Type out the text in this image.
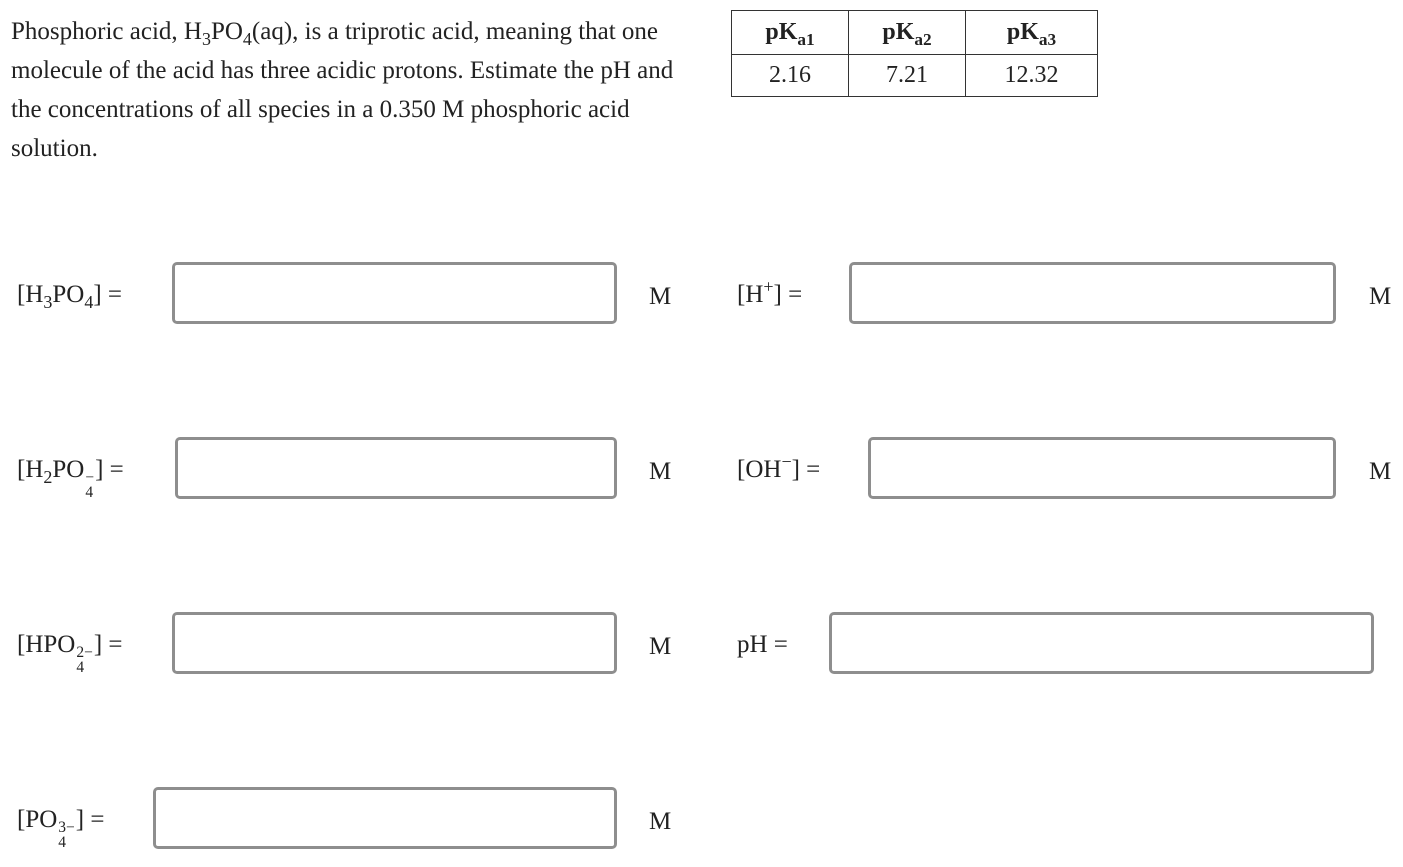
Phosphoric acid, $H_3PO_4(aq)$, is a triprotic acid, meaning that one molecule of the acid has three acidic protons. Estimate the pH and the concentrations of all species in a 0.350 M phosphoric acid solution.

$pK_{a1}$	$pK_{a2}$	$pK_{a3}$
2.16	7.21	12.32
$[H_3PO_4]$ =	M	[H+] =	M
[$H_2PO$ −
4
] =	M	[OH−] =	M
[HPO 2−
4
] =	M	pH =
[PO 3−
4
] =	M
